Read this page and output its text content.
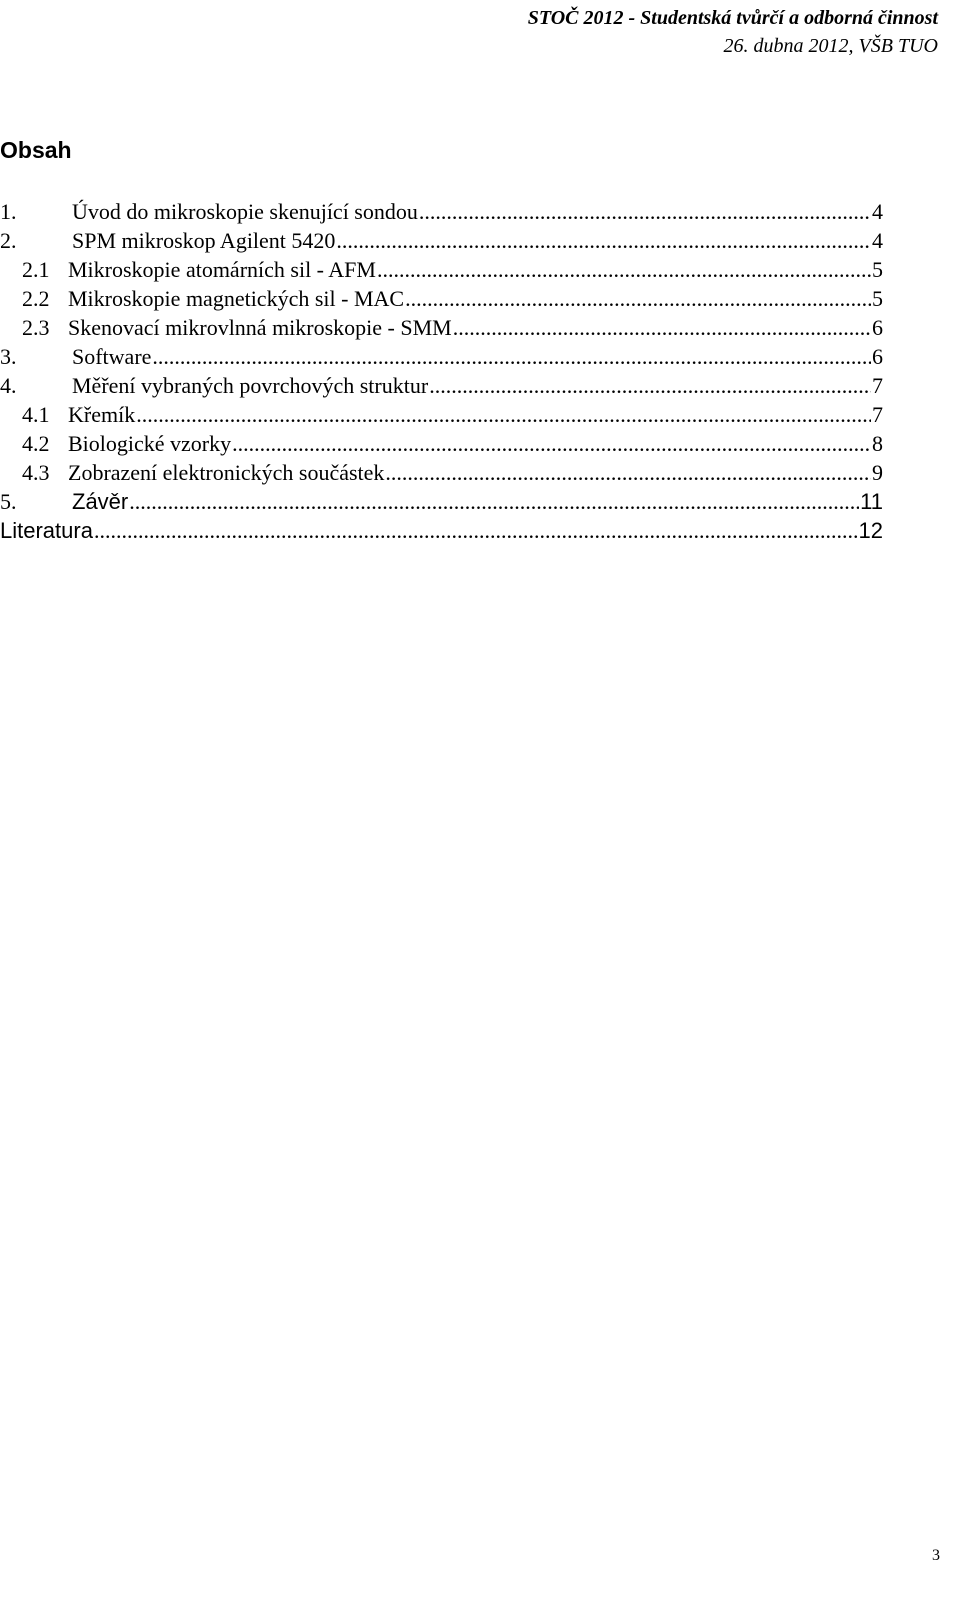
STOČ 2012 - Studentská tvůrčí a odborná činnost
26. dubna 2012, VŠB TUO
Obsah
1.	Úvod do mikroskopie skenující sondou .....	4
2.	SPM mikroskop Agilent 5420 .....	4
2.1 Mikroskopie atomárních sil - AFM .....	5
2.2 Mikroskopie magnetických sil - MAC .....	5
2.3 Skenovací mikrovlnná mikroskopie - SMM .....	6
3.	Software .....	6
4.	Měření vybraných povrchových struktur .....	7
4.1 Křemík .....	7
4.2 Biologické vzorky .....	8
4.3 Zobrazení elektronických součástek .....	9
5.	Závěr .....	11
Literatura .....	12
3
